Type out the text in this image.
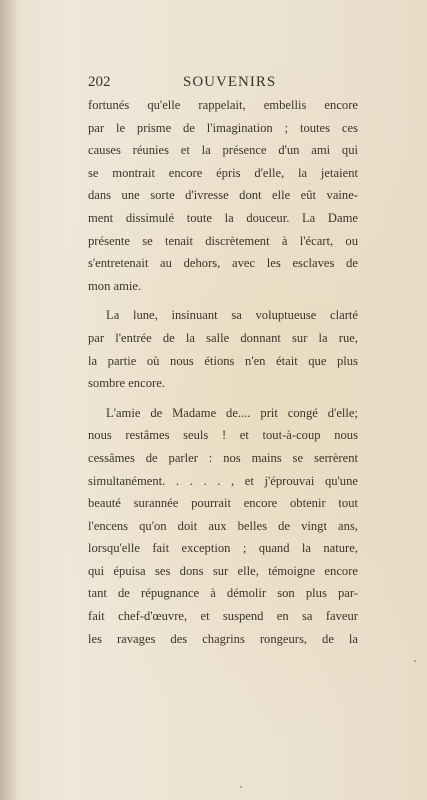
202	SOUVENIRS
fortunés qu'elle rappelait, embellis encore
par le prisme de l'imagination ; toutes ces
causes réunies et la présence d'un ami qui
se montrait encore épris d'elle, la jetaient
dans une sorte d'ivresse dont elle eût vaine-
ment dissimulé toute la douceur. La Dame
présente se tenait discrètement à l'écart, ou
s'entretenait au dehors, avec les esclaves de
mon amie.
La lune, insinuant sa voluptueuse clarté
par l'entrée de la salle donnant sur la rue,
la partie où nous étions n'en était que plus
sombre encore.
L'amie de Madame de.... prit congé d'elle;
nous restâmes seuls ! et tout-à-coup nous
cessâmes de parler : nos mains se serrèrent
simultanément. . . . . , et j'éprouvai qu'une
beauté surannée pourrait encore obtenir tout
l'encens qu'on doit aux belles de vingt ans,
lorsqu'elle fait exception ; quand la nature,
qui épuisa ses dons sur elle, témoigne encore
tant de répugnance à démolir son plus par-
fait chef-d'œuvre, et suspend en sa faveur
les ravages des chagrins rongeurs, de la
